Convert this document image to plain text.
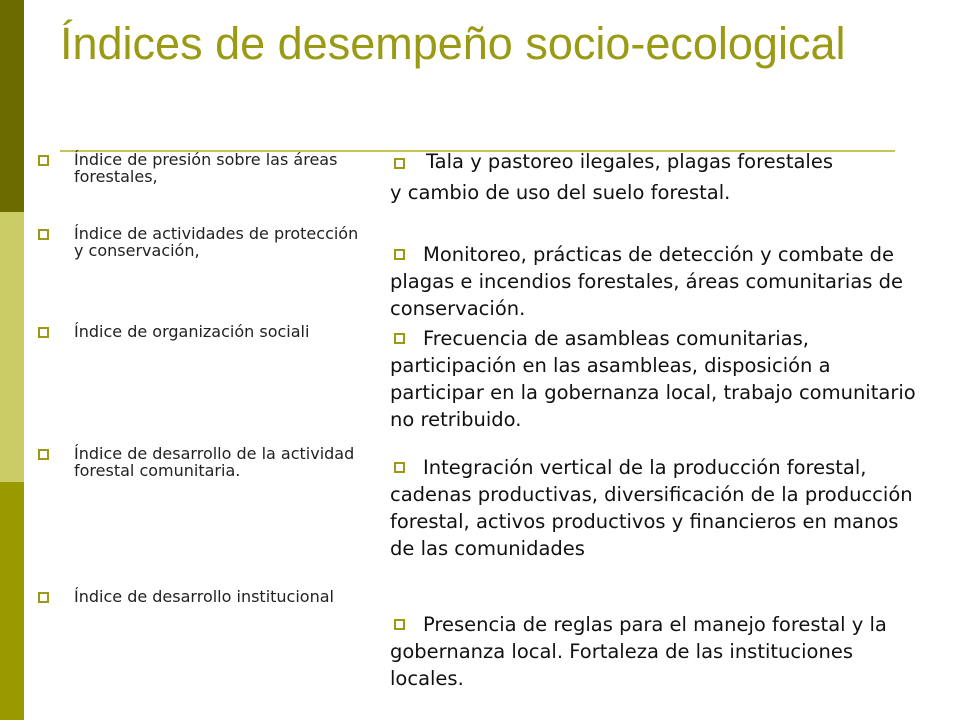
Índices de desempeño socio-ecological
Índice de presión sobre las áreas forestales,
Índice de actividades de protección y conservación,
Índice de organización sociali
Índice de desarrollo de la actividad forestal comunitaria.
Índice de desarrollo institucional
Tala y pastoreo ilegales, plagas forestales
y cambio de uso del suelo forestal.
Monitoreo, prácticas de detección y combate de plagas e incendios forestales, áreas comunitarias de conservación.
Frecuencia de asambleas comunitarias, participación en las asambleas, disposición a participar en la gobernanza local, trabajo comunitario no retribuido.
Integración vertical de la producción forestal, cadenas productivas, diversificación de la producción forestal, activos productivos y financieros en manos de las comunidades
Presencia de reglas para el manejo forestal y la gobernanza local. Fortaleza de las instituciones locales.
